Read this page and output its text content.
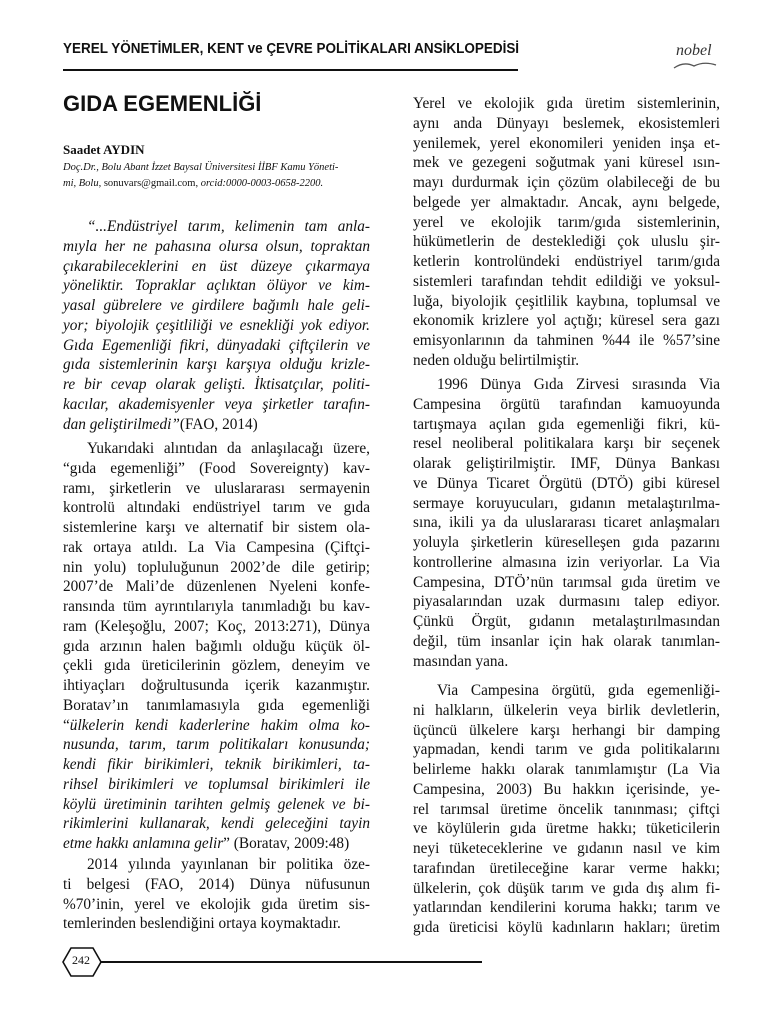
YEREL YÖNETİMLER, KENT ve ÇEVRE POLİTİKALARI ANSİKLOPEDİSİ	nobel
GIDA EGEMENLİĞİ
Saadet AYDIN
Doç.Dr., Bolu Abant İzzet Baysal Üniversitesi İİBF Kamu Yöneti-
mi, Bolu, sonuvars@gmail.com, orcid:0000-0003-0658-2200.
“...Endüstriyel tarım, kelimenin tam anla-
mıyla her ne pahasına olursa olsun, topraktan
çıkarabileceklerini en üst düzeye çıkarmaya
yöneliktir. Topraklar açlıktan ölüyor ve kim-
yasal gübrelere ve girdilere bağımlı hale geli-
yor; biyolojik çeşitliliği ve esnekliği yok ediyor.
Gıda Egemenliği fikri, dünyadaki çiftçilerin ve
gıda sistemlerinin karşı karşıya olduğu krizle-
re bir cevap olarak gelişti. İktisatçılar, politi-
kacılar, akademisyenler veya şirketler tarafın-
dan geliştirilmedi”(FAO, 2014)
Yukarıdaki alıntıdan da anlaşılacağı üzere,
“gıda egemenliği” (Food Sovereignty) kav-
ramı, şirketlerin ve uluslararası sermayenin
kontrolü altındaki endüstriyel tarım ve gıda
sistemlerine karşı ve alternatif bir sistem ola-
rak ortaya atıldı. La Via Campesina (Çiftçi-
nin yolu) topluluğunun 2002’de dile getirip;
2007’de Mali’de düzenlenen Nyeleni konfe-
ransında tüm ayrıntılarıyla tanımladığı bu kav-
ram (Keleşoğlu, 2007; Koç, 2013:271), Dünya
gıda arzının halen bağımlı olduğu küçük öl-
çekli gıda üreticilerinin gözlem, deneyim ve
ihtiyaçları doğrultusunda içerik kazanmıştır.
Boratav’ın tanımlamasıyla gıda egemenliği
“ülkelerin kendi kaderlerine hakim olma ko-
nusunda, tarım, tarım politikaları konusunda;
kendi fikir birikimleri, teknik birikimleri, ta-
rihsel birikimleri ve toplumsal birikimleri ile
köylü üretiminin tarihten gelmiş gelenek ve bi-
rikimlerini kullanarak, kendi geleceğini tayin
etme hakkı anlamına gelir” (Boratav, 2009:48)
2014 yılında yayınlanan bir politika öze-
ti belgesi (FAO, 2014) Dünya nüfusunun
%70’inin, yerel ve ekolojik gıda üretim sis-
temlerinden beslendiğini ortaya koymaktadır.
Yerel ve ekolojik gıda üretim sistemlerinin,
aynı anda Dünyayı beslemek, ekosistemleri
yenilemek, yerel ekonomileri yeniden inşa et-
mek ve gezegeni soğutmak yani küresel ısın-
mayı durdurmak için çözüm olabileceği de bu
belgede yer almaktadır. Ancak, aynı belgede,
yerel ve ekolojik tarım/gıda sistemlerinin,
hükümetlerin de desteklediği çok uluslu şir-
ketlerin kontrolündeki endüstriyel tarım/gıda
sistemleri tarafından tehdit edildiği ve yoksul-
luğa, biyolojik çeşitlilik kaybına, toplumsal ve
ekonomik krizlere yol açtığı; küresel sera gazı
emisyonlarının da tahminen %44 ile %57’sine
neden olduğu belirtilmiştir.
1996 Dünya Gıda Zirvesi sırasında Via
Campesina örgütü tarafından kamuoyunda
tartışmaya açılan gıda egemenliği fikri, kü-
resel neoliberal politikalara karşı bir seçenek
olarak geliştirilmiştir. IMF, Dünya Bankası
ve Dünya Ticaret Örgütü (DTÖ) gibi küresel
sermaye koruyucuları, gıdanın metalaştırılma-
sına, ikili ya da uluslararası ticaret anlaşmaları
yoluyla şirketlerin küreselleşen gıda pazarını
kontrollerine almasına izin veriyorlar. La Via
Campesina, DTÖ’nün tarımsal gıda üretim ve
piyasalarından uzak durmasını talep ediyor.
Çünkü Örgüt, gıdanın metalaştırılmasından
değil, tüm insanlar için hak olarak tanımlan-
masından yana.
Via Campesina örgütü, gıda egemenliği-
ni halkların, ülkelerin veya birlik devletlerin,
üçüncü ülkelere karşı herhangi bir damping
yapmadan, kendi tarım ve gıda politikalarını
belirleme hakkı olarak tanımlamıştır (La Via
Campesina, 2003) Bu hakkın içerisinde, ye-
rel tarımsal üretime öncelik tanınması; çiftçi
ve köylülerin gıda üretme hakkı; tüketicilerin
neyi tüketeceklerine ve gıdanın nasıl ve kim
tarafından üretileceğine karar verme hakkı;
ülkelerin, çok düşük tarım ve gıda dış alım fi-
yatlarından kendilerini koruma hakkı; tarım ve
gıda üreticisi köylü kadınların hakları; üretim
242
